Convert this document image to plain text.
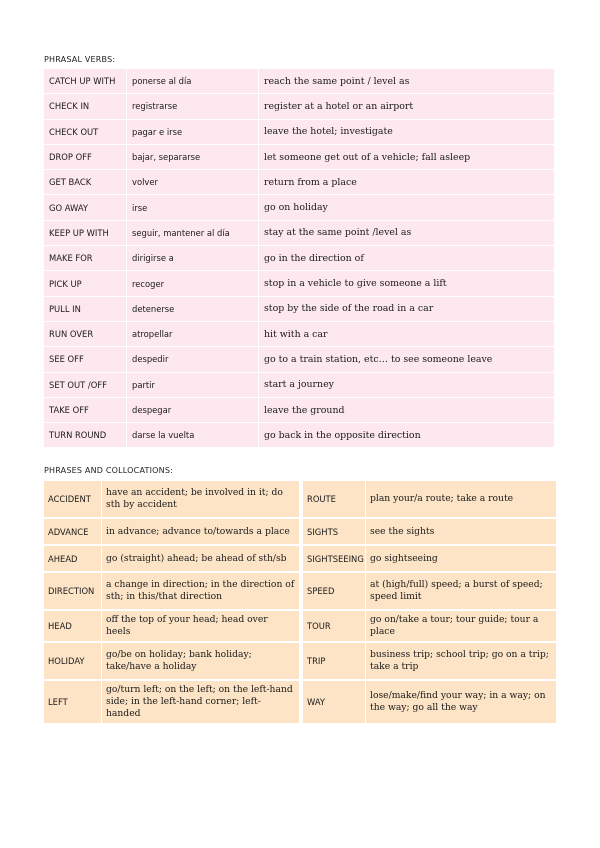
PHRASAL VERBS:
CATCH UP WITH	ponerse al día	reach the same point / level as
CHECK IN	registrarse	register at a hotel or an airport
CHECK OUT	pagar e irse	leave the hotel; investigate
DROP OFF	bajar, separarse	let someone get out of a vehicle; fall asleep
GET BACK	volver	return from a place
GO AWAY	irse	go on holiday
KEEP UP WITH	seguir, mantener al día	stay at the same point /level as
MAKE FOR	dirigirse a	go in the direction of
PICK UP	recoger	stop in a vehicle to give someone a lift
PULL IN	detenerse	stop by the side of the road in a car
RUN OVER	atropellar	hit with a car
SEE OFF	despedir	go to a train station, etc… to see someone leave
SET OUT /OFF	partir	start a journey
TAKE OFF	despegar	leave the ground
TURN ROUND	darse la vuelta	go back in the opposite direction
PHRASES AND COLLOCATIONS:
ACCIDENT	have an accident; be involved in it; do sth by accident		ROUTE	plan your/a route; take a route
ADVANCE	in advance; advance to/towards a place		SIGHTS	see the sights
AHEAD	go (straight) ahead; be ahead of sth/sb		SIGHTSEEING	go sightseeing
DIRECTION	a change in direction; in the direction of sth; in this/that direction		SPEED	at (high/full) speed; a burst of speed; speed limit
HEAD	off the top of your head; head over heels		TOUR	go on/take a tour; tour guide; tour a place
HOLIDAY	go/be on holiday; bank holiday; take/have a holiday		TRIP	business trip; school trip; go on a trip; take a trip
LEFT	go/turn left; on the left; on the left-hand side; in the left-hand corner; left-handed		WAY	lose/make/find your way; in a way; on the way; go all the way
